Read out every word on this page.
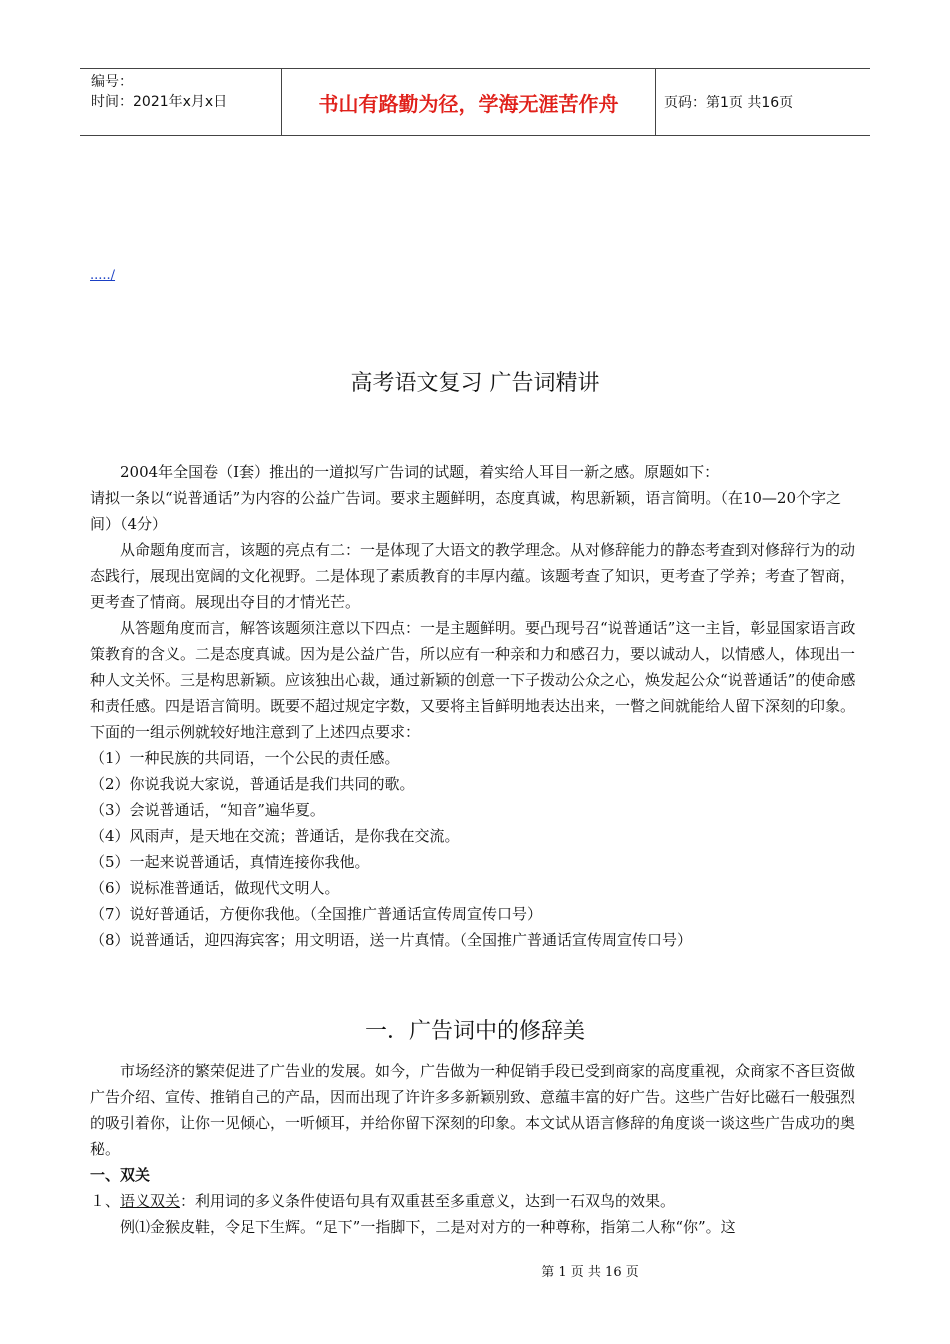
编号：
时间：2021年x月x日	书山有路勤为径，学海无涯苦作舟	页码：第1页 共16页
...../
高考语文复习 广告词精讲

2004年全国卷（I套）推出的一道拟写广告词的试题，着实给人耳目一新之感。原题如下：

请拟一条以“说普通话”为内容的公益广告词。要求主题鲜明，态度真诚，构思新颖，语言简明。（在10—20个字之间）（4分）

从命题角度而言，该题的亮点有二：一是体现了大语文的教学理念。从对修辞能力的静态考查到对修辞行为的动态践行，展现出宽阔的文化视野。二是体现了素质教育的丰厚内蕴。该题考查了知识，更考查了学养；考查了智商，更考查了情商。展现出夺目的才情光芒。

从答题角度而言，解答该题须注意以下四点：一是主题鲜明。要凸现号召“说普通话”这一主旨，彰显国家语言政策教育的含义。二是态度真诚。因为是公益广告，所以应有一种亲和力和感召力，要以诚动人，以情感人，体现出一种人文关怀。三是构思新颖。应该独出心裁，通过新颖的创意一下子拨动公众之心，焕发起公众“说普通话”的使命感和责任感。四是语言简明。既要不超过规定字数，又要将主旨鲜明地表达出来，一瞥之间就能给人留下深刻的印象。下面的一组示例就较好地注意到了上述四点要求：

（1）一种民族的共同语，一个公民的责任感。

（2）你说我说大家说，普通话是我们共同的歌。

（3）会说普通话，“知音”遍华夏。

（4）风雨声，是天地在交流；普通话，是你我在交流。

（5）一起来说普通话，真情连接你我他。

（6）说标准普通话，做现代文明人。

（7）说好普通话，方便你我他。（全国推广普通话宣传周宣传口号）

（8）说普通话，迎四海宾客；用文明语，送一片真情。（全国推广普通话宣传周宣传口号）

一．广告词中的修辞美

市场经济的繁荣促进了广告业的发展。如今，广告做为一种促销手段已受到商家的高度重视，众商家不吝巨资做广告介绍、宣传、推销自己的产品，因而出现了许许多多新颖别致、意蕴丰富的好广告。这些广告好比磁石一般强烈的吸引着你，让你一见倾心，一听倾耳，并给你留下深刻的印象。本文试从语言修辞的角度谈一谈这些广告成功的奥秘。

一、双关

１、语义双关：利用词的多义条件使语句具有双重甚至多重意义，达到一石双鸟的效果。

例⑴金猴皮鞋，令足下生辉。“足下”一指脚下，二是对对方的一种尊称，指第二人称“你”。这

第 1 页 共 16 页
